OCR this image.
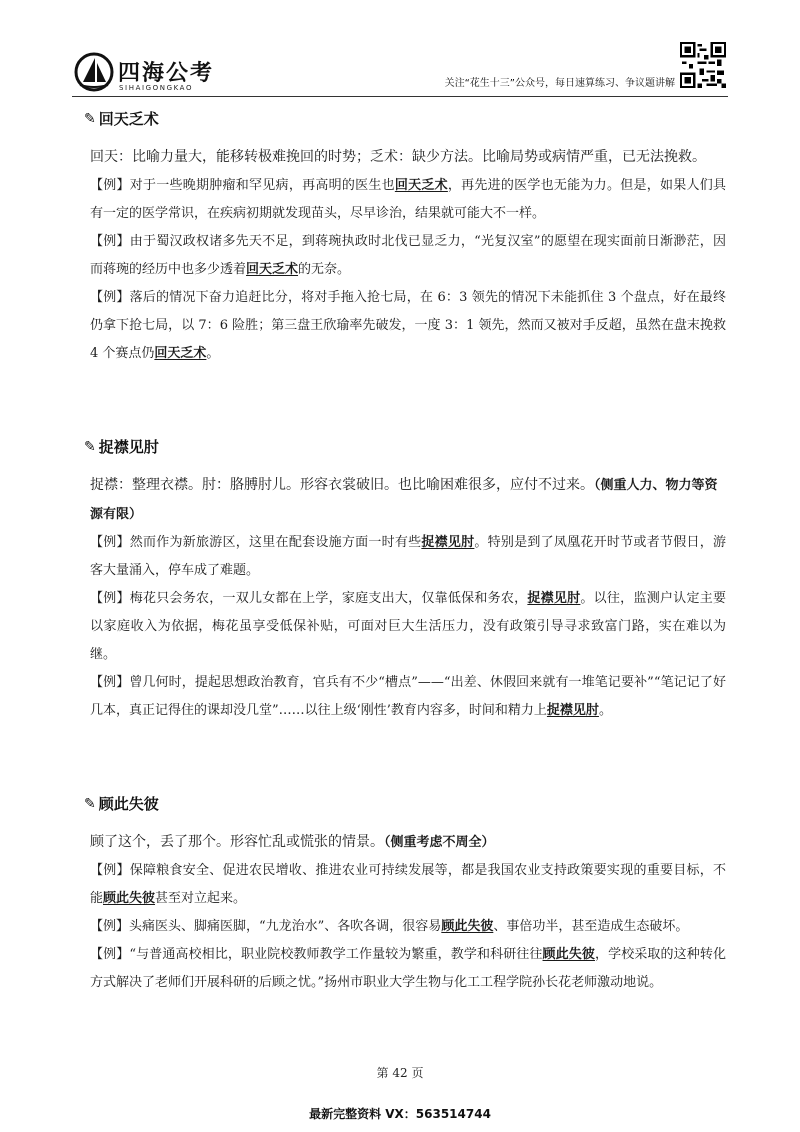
四海公考
SIHAIGONGKAO	关注“花生十三”公众号，每日速算练习、争议题讲解
✎ 回天乏术

回天：比喻力量大，能移转极难挽回的时势；乏术：缺少方法。比喻局势或病情严重，已无法挽救。

【例】对于一些晚期肿瘤和罕见病，再高明的医生也回天乏术，再先进的医学也无能为力。但是，如果人们具有一定的医学常识，在疾病初期就发现苗头，尽早诊治，结果就可能大不一样。

【例】由于蜀汉政权诸多先天不足，到蒋琬执政时北伐已显乏力，“光复汉室”的愿望在现实面前日渐渺茫，因而蒋琬的经历中也多少透着回天乏术的无奈。

【例】落后的情况下奋力追赶比分，将对手拖入抢七局，在 6：3 领先的情况下未能抓住 3 个盘点，好在最终仍拿下抢七局，以 7：6 险胜；第三盘王欣瑜率先破发，一度 3：1 领先，然而又被对手反超，虽然在盘末挽救 4 个赛点仍回天乏术。

✎ 捉襟见肘

捉襟：整理衣襟。肘：胳膊肘儿。形容衣裳破旧。也比喻困难很多，应付不过来。（侧重人力、物力等资源有限）

【例】然而作为新旅游区，这里在配套设施方面一时有些捉襟见肘。特别是到了凤凰花开时节或者节假日，游客大量涌入，停车成了难题。

【例】梅花只会务农，一双儿女都在上学，家庭支出大，仅靠低保和务农，捉襟见肘。以往，监测户认定主要以家庭收入为依据，梅花虽享受低保补贴，可面对巨大生活压力，没有政策引导寻求致富门路，实在难以为继。

【例】曾几何时，提起思想政治教育，官兵有不少“槽点”——“出差、休假回来就有一堆笔记要补”“笔记记了好几本，真正记得住的课却没几堂”……以往上级‘刚性’教育内容多，时间和精力上捉襟见肘。

✎ 顾此失彼

顾了这个，丢了那个。形容忙乱或慌张的情景。（侧重考虑不周全）

【例】保障粮食安全、促进农民增收、推进农业可持续发展等，都是我国农业支持政策要实现的重要目标，不能顾此失彼甚至对立起来。

【例】头痛医头、脚痛医脚，“九龙治水”、各吹各调，很容易顾此失彼、事倍功半，甚至造成生态破坏。

【例】“与普通高校相比，职业院校教师教学工作量较为繁重，教学和科研往往顾此失彼，学校采取的这种转化方式解决了老师们开展科研的后顾之忧。”扬州市职业大学生物与化工工程学院孙长花老师激动地说。

第 42 页
最新完整资料 VX：563514744
